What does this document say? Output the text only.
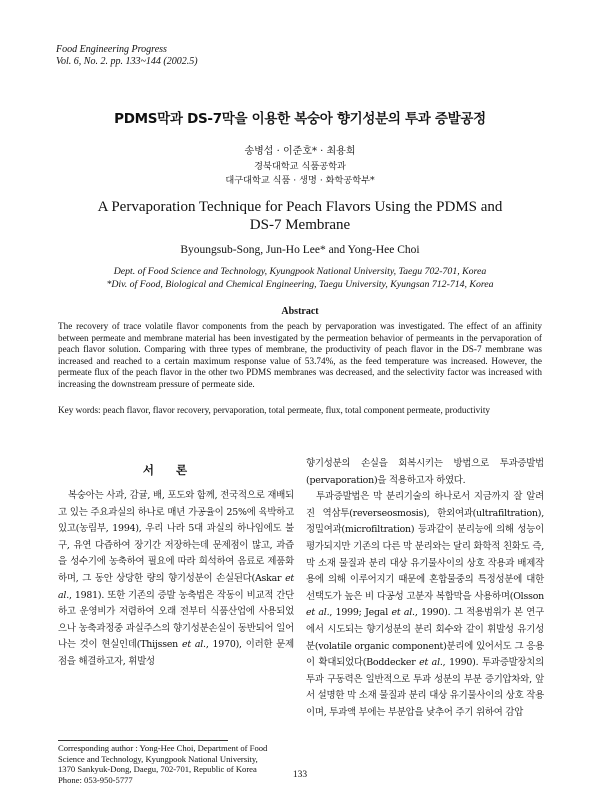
Food Engineering Progress
Vol. 6, No. 2. pp. 133~144 (2002.5)
PDMS막과 DS-7막을 이용한 복숭아 향기성분의 투과 증발공정
송병섭 · 이준호* · 최용희
경북대학교 식품공학과
대구대학교 식품 · 생명 · 화학공학부*
A Pervaporation Technique for Peach Flavors Using the PDMS and
DS-7 Membrane
Byoungsub-Song, Jun-Ho Lee* and Yong-Hee Choi
Dept. of Food Science and Technology, Kyungpook National University, Taegu 702-701, Korea
*Div. of Food, Biological and Chemical Engineering, Taegu University, Kyungsan 712-714, Korea
Abstract
The recovery of trace volatile flavor components from the peach by pervaporation was investigated. The effect of an affinity between permeate and membrane material has been investigated by the permeation behavior of permeants in the pervaporation of peach flavor solution. Comparing with three types of membrane, the productivity of peach flavor in the DS-7 membrane was increased and reached to a certain maximum response value of 53.74%, as the feed temperature was increased. However, the permeate flux of the peach flavor in the other two PDMS membranes was decreased, and the selectivity factor was increased with increasing the downstream pressure of permeate side.
Key words: peach flavor, flavor recovery, pervaporation, total permeate, flux, total component permeate, productivity
서론

복숭아는 사과, 감귤, 배, 포도와 함께, 전국적으로 재배되고 있는 주요과실의 하나로 매년 가공율이 25%에 육박하고 있고(농림부, 1994), 우리 나라 5대 과실의 하나임에도 불구, 유연 다즙하여 장기간 저장하는데 문제점이 많고, 과즙을 성수기에 농축하여 필요에 따라 희석하여 음료로 제품화하며, 그 동안 상당한 량의 향기성분이 손실된다(Askar et al., 1981). 또한 기존의 증발 농축법은 작동이 비교적 간단하고 운영비가 저렴하여 오래 전부터 식품산업에 사용되었으나 농축과정중 과실주스의 향기성분손실이 동반되어 일어나는 것이 현실인데(Thijssen et al., 1970), 이러한 문제점을 해결하고자, 휘발성

향기성분의 손실을 회복시키는 방법으로 투과증발법(pervaporation)을 적용하고자 하였다.

투과증발법은 막 분리기술의 하나로서 지금까지 잘 알려진 역삼투(reverseosmosis), 한외여과(ultrafiltration), 정밀여과(microfiltration) 등과같이 분리능에 의해 성능이 평가되지만 기존의 다른 막 분리와는 달리 화학적 친화도 즉, 막 소재 물질과 분리 대상 유기물사이의 상호 작용과 배제작용에 의해 이루어지기 때문에 혼합물중의 특정성분에 대한 선택도가 높은 비 다공성 고분자 복합막을 사용하며(Olsson et al., 1999; Jegal et al., 1990). 그 적용범위가 본 연구에서 시도되는 향기성분의 분리 회수와 같이 휘발성 유기성분(volatile organic component)분리에 있어서도 그 응용이 확대되었다(Boddecker et al., 1990). 투과증발장치의 투과 구동력은 일반적으로 투과 성분의 부분 증기압차와, 앞서 설명한 막 소재 물질과 분리 대상 유기물사이의 상호 작용이며, 투과액 부에는 부분압을 낮추어 주기 위하여 감압

Corresponding author : Yong-Hee Choi, Department of Food
Science and Technology, Kyungpook National University,
1370 Sankyuk-Dong, Daegu, 702-701, Republic of Korea
Phone: 053-950-5777	133
